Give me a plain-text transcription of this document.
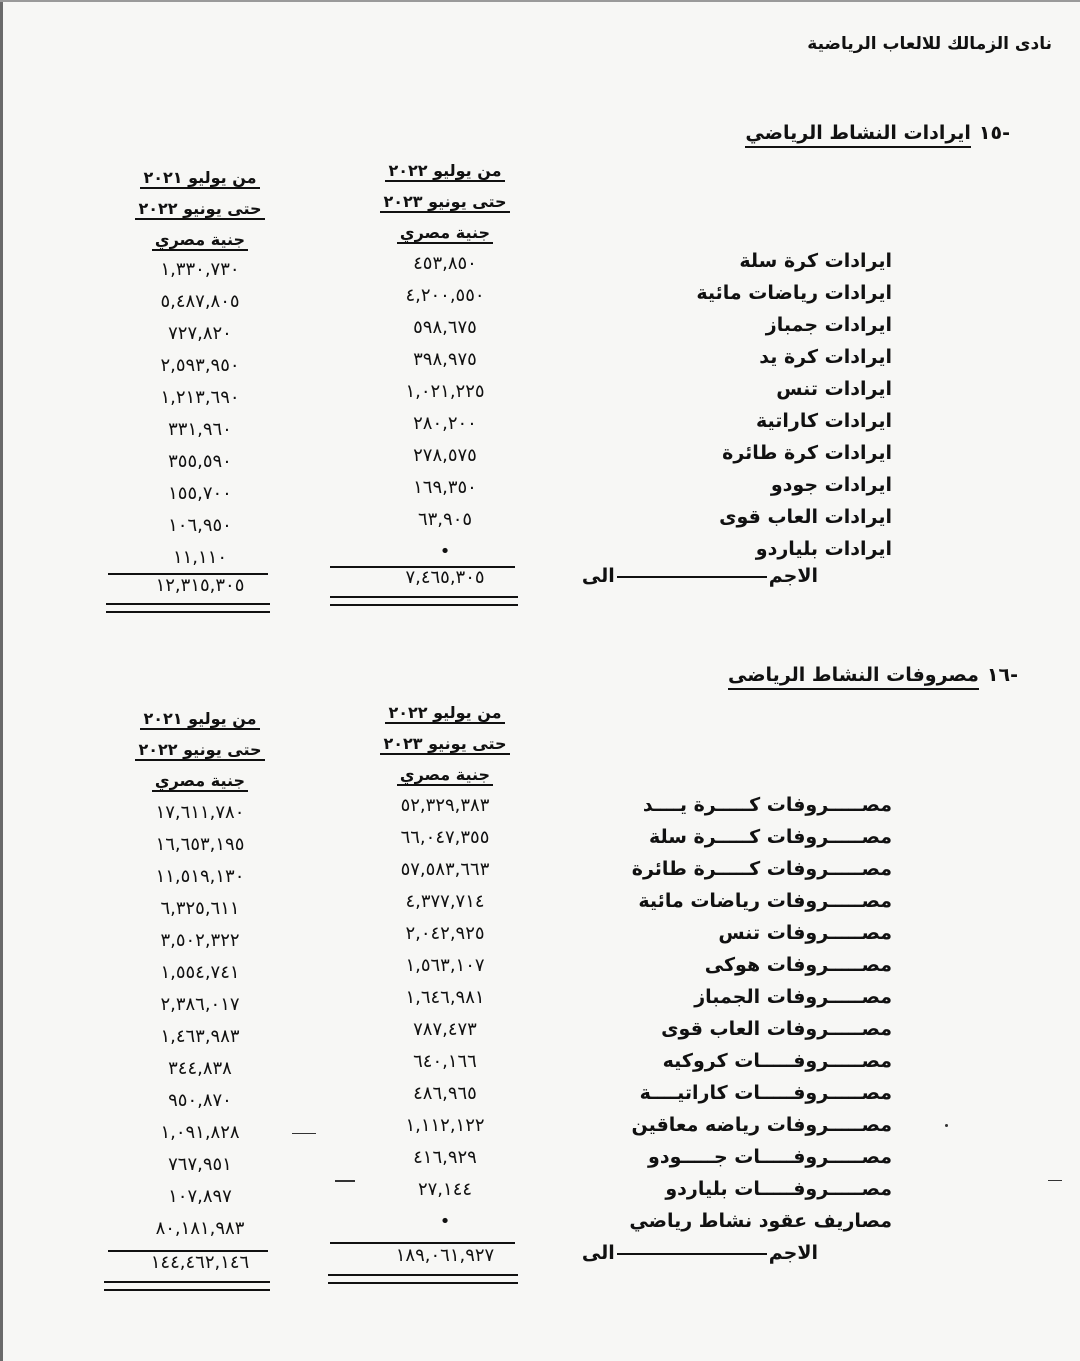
نادى الزمالك للالعاب الرياضية
-١٥ايرادات النشاط الرياضي
من يوليو ٢٠٢٢
حتى يونيو ٢٠٢٣
جنية مصري
من يوليو ٢٠٢١
حتى يونيو ٢٠٢٢
جنية مصري
ايرادات كرة سلة
ايرادات رياضات مائية
ايرادات جمباز
ايرادات كرة يد
ايرادات تنس
ايرادات كاراتية
ايرادات كرة طائرة
ايرادات جودو
ايرادات العاب قوى
ايرادات بلياردو
٤٥٣,٨٥٠
٤,٢٠٠,٥٥٠
٥٩٨,٦٧٥
٣٩٨,٩٧٥
١,٠٢١,٢٢٥
٢٨٠,٢٠٠
٢٧٨,٥٧٥
١٦٩,٣٥٠
٦٣,٩٠٥
•
١,٣٣٠,٧٣٠
٥,٤٨٧,٨٠٥
٧٢٧,٨٢٠
٢,٥٩٣,٩٥٠
١,٢١٣,٦٩٠
٣٣١,٩٦٠
٣٥٥,٥٩٠
١٥٥,٧٠٠
١٠٦,٩٥٠
١١,١١٠
الاجمالى
٧,٤٦٥,٣٠٥
١٢,٣١٥,٣٠٥
-١٦مصروفات النشاط الرياضى
من يوليو ٢٠٢٢
حتى يونيو ٢٠٢٣
جنية مصري
من يوليو ٢٠٢١
حتى يونيو ٢٠٢٢
جنية مصري
مصـــــروفات كـــــرة يــــد
مصـــــروفات كـــــرة سلة
مصـــــروفات كـــــرة طائرة
مصـــــروفات رياضات مائية
مصـــــروفات تنس
مصـــــروفات هوكى
مصـــــروفات الجمباز
مصـــــروفات العاب قوى
مصـــــروفـــــات كروكيه
مصـــــروفـــــات كاراتيــــة
مصـــــروفات رياضه معاقين
مصـــــروفـــــات جـــــودو
مصـــــروفـــــات بلياردو
مصاريف عقود نشاط رياضي
٥٢,٣٢٩,٣٨٣
٦٦,٠٤٧,٣٥٥
٥٧,٥٨٣,٦٦٣
٤,٣٧٧,٧١٤
٢,٠٤٢,٩٢٥
١,٥٦٣,١٠٧
١,٦٤٦,٩٨١
٧٨٧,٤٧٣
٦٤٠,١٦٦
٤٨٦,٩٦٥
١,١١٢,١٢٢
٤١٦,٩٢٩
٢٧,١٤٤
•
١٧,٦١١,٧٨٠
١٦,٦٥٣,١٩٥
١١,٥١٩,١٣٠
٦,٣٢٥,٦١١
٣,٥٠٢,٣٢٢
١,٥٥٤,٧٤١
٢,٣٨٦,٠١٧
١,٤٦٣,٩٨٣
٣٤٤,٨٣٨
٩٥٠,٨٧٠
١,٠٩١,٨٢٨
٧٦٧,٩٥١
١٠٧,٨٩٧
٨٠,١٨١,٩٨٣
الاجمالى
١٨٩,٠٦١,٩٢٧
١٤٤,٤٦٢,١٤٦
